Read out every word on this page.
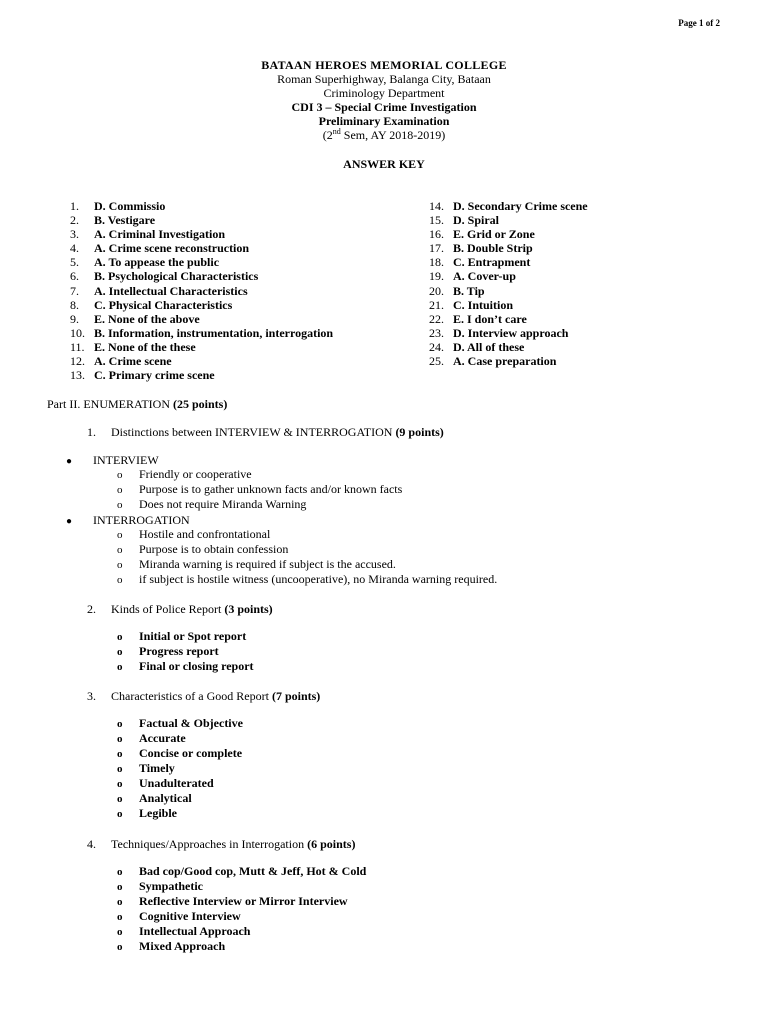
Page 1 of 2
BATAAN HEROES MEMORIAL COLLEGE
Roman Superhighway, Balanga City, Bataan
Criminology Department
CDI 3 – Special Crime Investigation
Preliminary Examination
(2nd Sem, AY 2018-2019)
ANSWER KEY
1.	D. Commissio
2.	B. Vestigare
3.	A. Criminal Investigation
4.	A. Crime scene reconstruction
5.	A. To appease the public
6.	B. Psychological Characteristics
7.	A. Intellectual Characteristics
8.	C. Physical Characteristics
9.	E. None of the above
10. B. Information, instrumentation, interrogation
11. E. None of the these
12. A. Crime scene
13. C. Primary crime scene
14. D. Secondary Crime scene
15. D. Spiral
16. E. Grid or Zone
17. B. Double Strip
18. C. Entrapment
19. A. Cover-up
20. B. Tip
21. C. Intuition
22. E. I don’t care
23. D. Interview approach
24. D. All of these
25. A. Case preparation
Part II. ENUMERATION (25 points)
1. Distinctions between INTERVIEW & INTERROGATION (9 points)
● INTERVIEW
o Friendly or cooperative
o Purpose is to gather unknown facts and/or known facts
o Does not require Miranda Warning
● INTERROGATION
o Hostile and confrontational
o Purpose is to obtain confession
o Miranda warning is required if subject is the accused.
o if subject is hostile witness (uncooperative), no Miranda warning required.
2. Kinds of Police Report (3 points)
o Initial or Spot report
o Progress report
o Final or closing report
3. Characteristics of a Good Report (7 points)
o Factual & Objective
o Accurate
o Concise or complete
o Timely
o Unadulterated
o Analytical
o Legible
4. Techniques/Approaches in Interrogation (6 points)
o Bad cop/Good cop, Mutt & Jeff, Hot & Cold
o Sympathetic
o Reflective Interview or Mirror Interview
o Cognitive Interview
o Intellectual Approach
o Mixed Approach
